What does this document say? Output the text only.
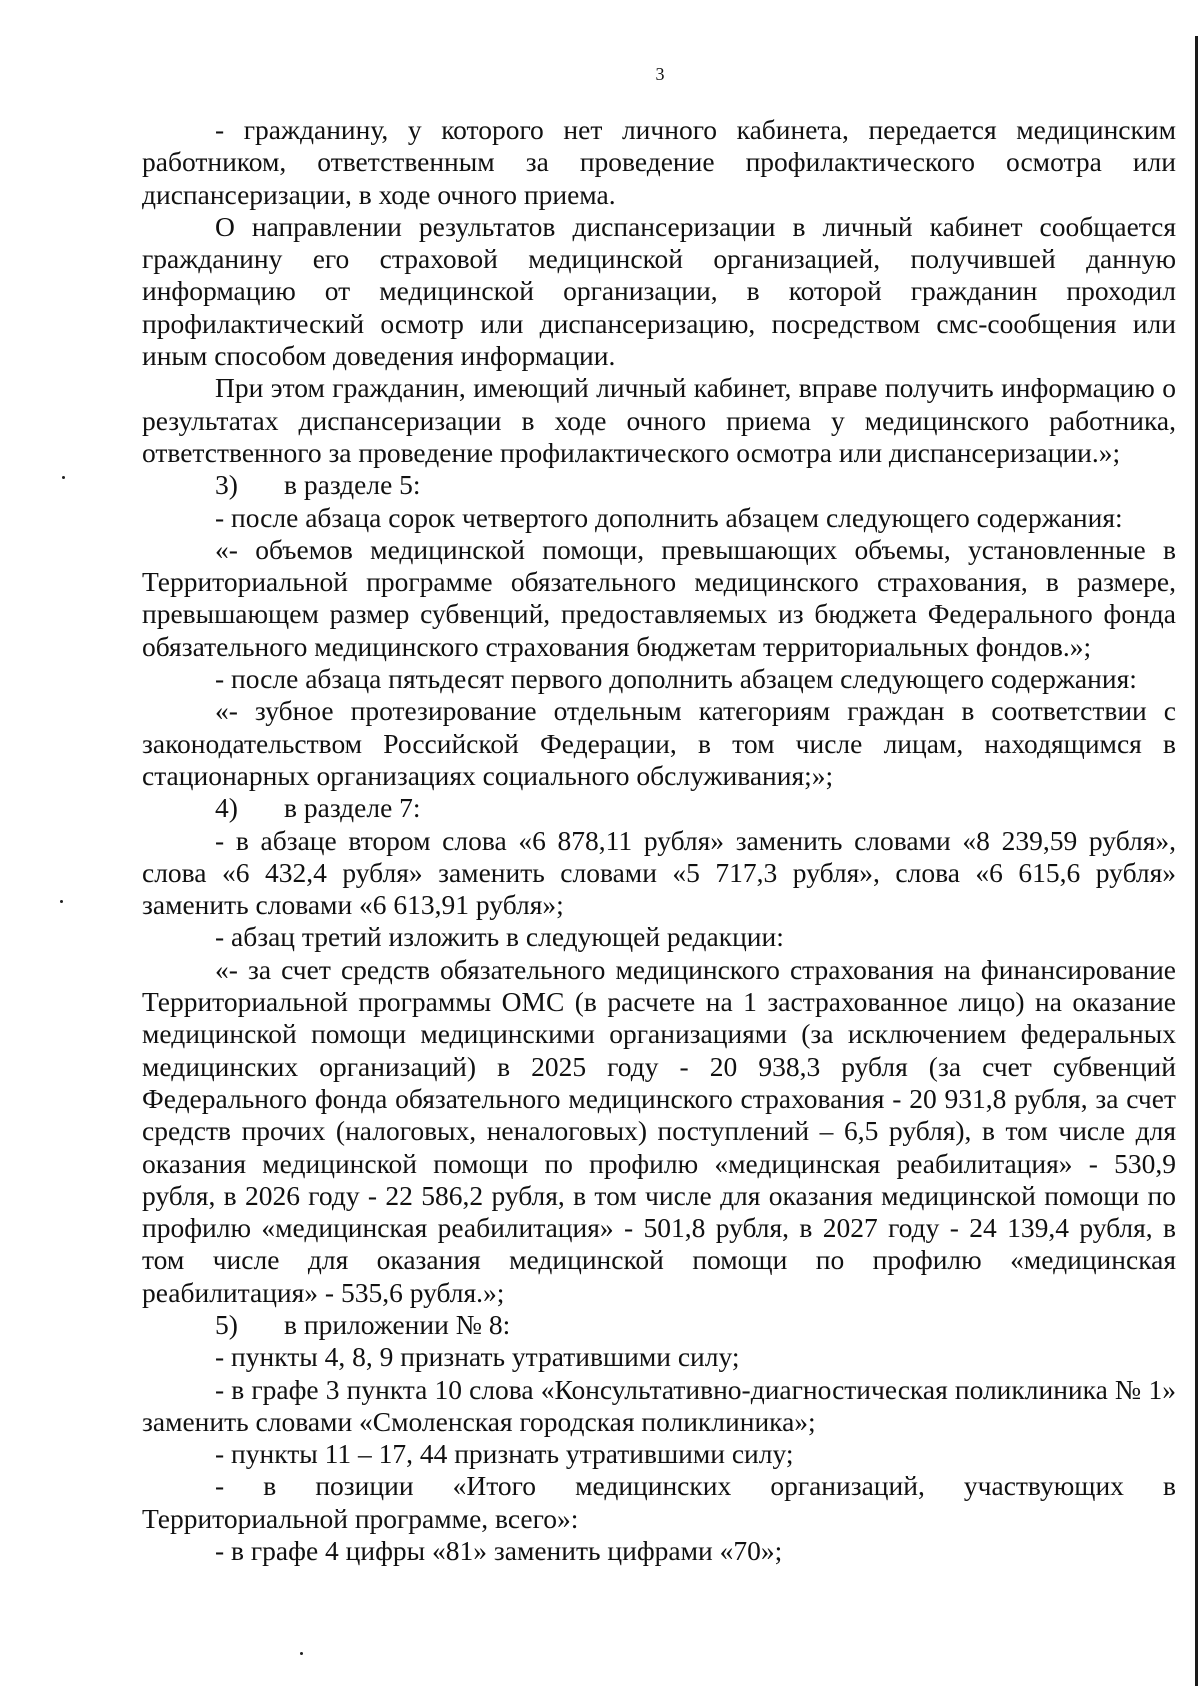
3

- гражданину, у которого нет личного кабинета, передается медицинским работником, ответственным за проведение профилактического осмотра или диспансеризации, в ходе очного приема.

О направлении результатов диспансеризации в личный кабинет сообщается гражданину его страховой медицинской организацией, получившей данную информацию от медицинской организации, в которой гражданин проходил профилактический осмотр или диспансеризацию, посредством смс-сообщения или иным способом доведения информации.

При этом гражданин, имеющий личный кабинет, вправе получить информацию о результатах диспансеризации в ходе очного приема у медицинского работника, ответственного за проведение профилактического осмотра или диспансеризации.»;

3) в разделе 5:

- после абзаца сорок четвертого дополнить абзацем следующего содержания:

«- объемов медицинской помощи, превышающих объемы, установленные в Территориальной программе обязательного медицинского страхования, в размере, превышающем размер субвенций, предоставляемых из бюджета Федерального фонда обязательного медицинского страхования бюджетам территориальных фондов.»;

- после абзаца пятьдесят первого дополнить абзацем следующего содержания:

«- зубное протезирование отдельным категориям граждан в соответствии с законодательством Российской Федерации, в том числе лицам, находящимся в стационарных организациях социального обслуживания;»;

4) в разделе 7:

- в абзаце втором слова «6 878,11 рубля» заменить словами «8 239,59 рубля», слова «6 432,4 рубля» заменить словами «5 717,3 рубля», слова «6 615,6 рубля» заменить словами «6 613,91 рубля»;

- абзац третий изложить в следующей редакции:

«- за счет средств обязательного медицинского страхования на финансирование Территориальной программы ОМС (в расчете на 1 застрахованное лицо) на оказание медицинской помощи медицинскими организациями (за исключением федеральных медицинских организаций) в 2025 году - 20 938,3 рубля (за счет субвенций Федерального фонда обязательного медицинского страхования - 20 931,8 рубля, за счет средств прочих (налоговых, неналоговых) поступлений – 6,5 рубля), в том числе для оказания медицинской помощи по профилю «медицинская реабилитация» - 530,9 рубля, в 2026 году - 22 586,2 рубля, в том числе для оказания медицинской помощи по профилю «медицинская реабилитация» - 501,8 рубля, в 2027 году - 24 139,4 рубля, в том числе для оказания медицинской помощи по профилю «медицинская реабилитация» - 535,6 рубля.»;

5) в приложении № 8:

- пункты 4, 8, 9 признать утратившими силу;

- в графе 3 пункта 10 слова «Консультативно-диагностическая поликлиника № 1» заменить словами «Смоленская городская поликлиника»;

- пункты 11 – 17, 44 признать утратившими силу;

- в позиции «Итого медицинских организаций, участвующих в

Территориальной программе, всего»:

- в графе 4 цифры «81» заменить цифрами «70»;
